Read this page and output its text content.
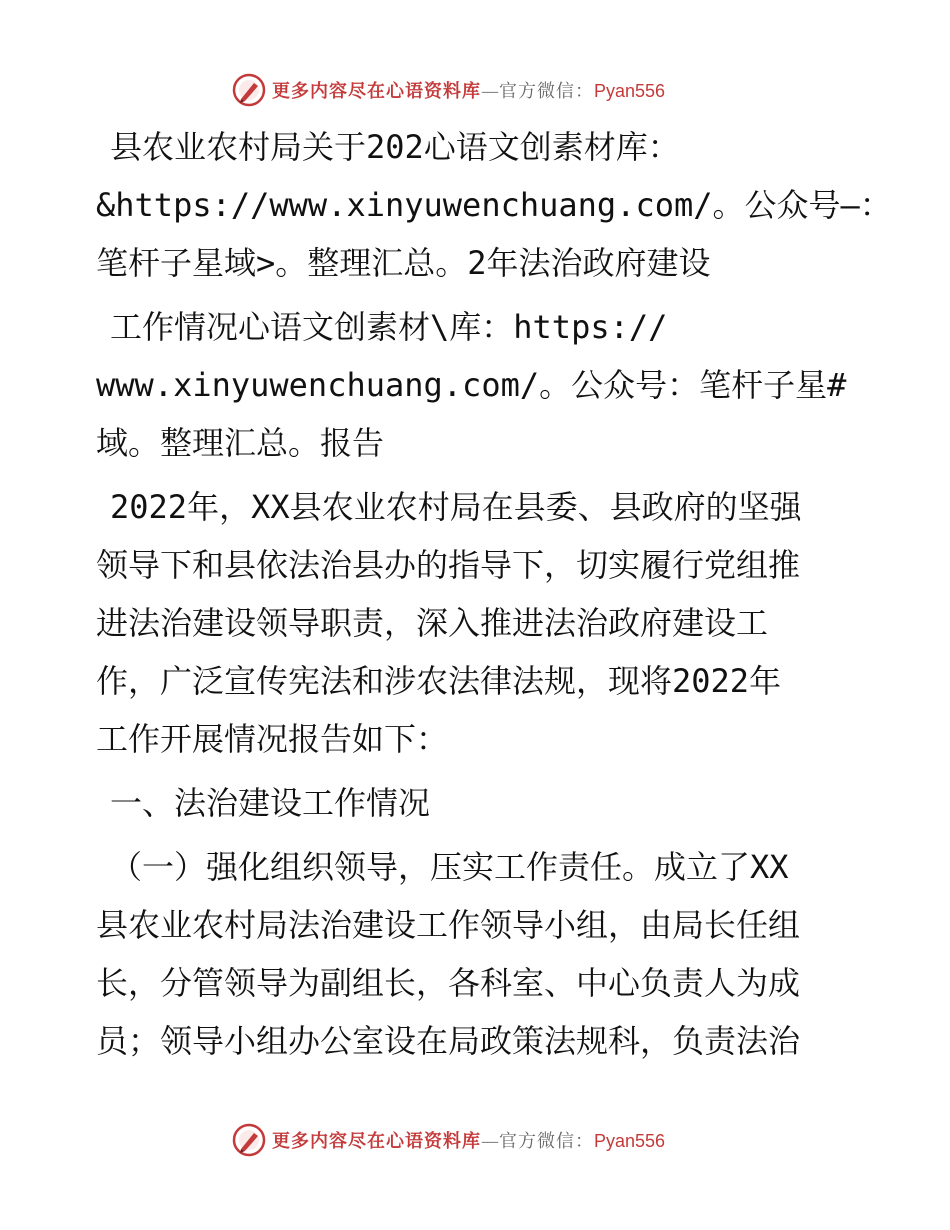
更多内容尽在心语资料库 — 官方微信： Pyan556

县农业农村局关于202心语文创素材库：
&https://www.xinyuwenchuang.com/。公众号—：
笔杆子星域>。整理汇总。2年法治政府建设

工作情况心语文创素材\库：https://
www.xinyuwenchuang.com/。公众号：笔杆子星#
域。整理汇总。报告

2022年，XX县农业农村局在县委、县政府的坚强
领导下和县依法治县办的指导下，切实履行党组推
进法治建设领导职责，深入推进法治政府建设工
作，广泛宣传宪法和涉农法律法规，现将2022年
工作开展情况报告如下：

一、法治建设工作情况

（一）强化组织领导，压实工作责任。成立了XX
县农业农村局法治建设工作领导小组，由局长任组
长，分管领导为副组长，各科室、中心负责人为成
员；领导小组办公室设在局政策法规科，负责法治

更多内容尽在心语资料库 — 官方微信： Pyan556
